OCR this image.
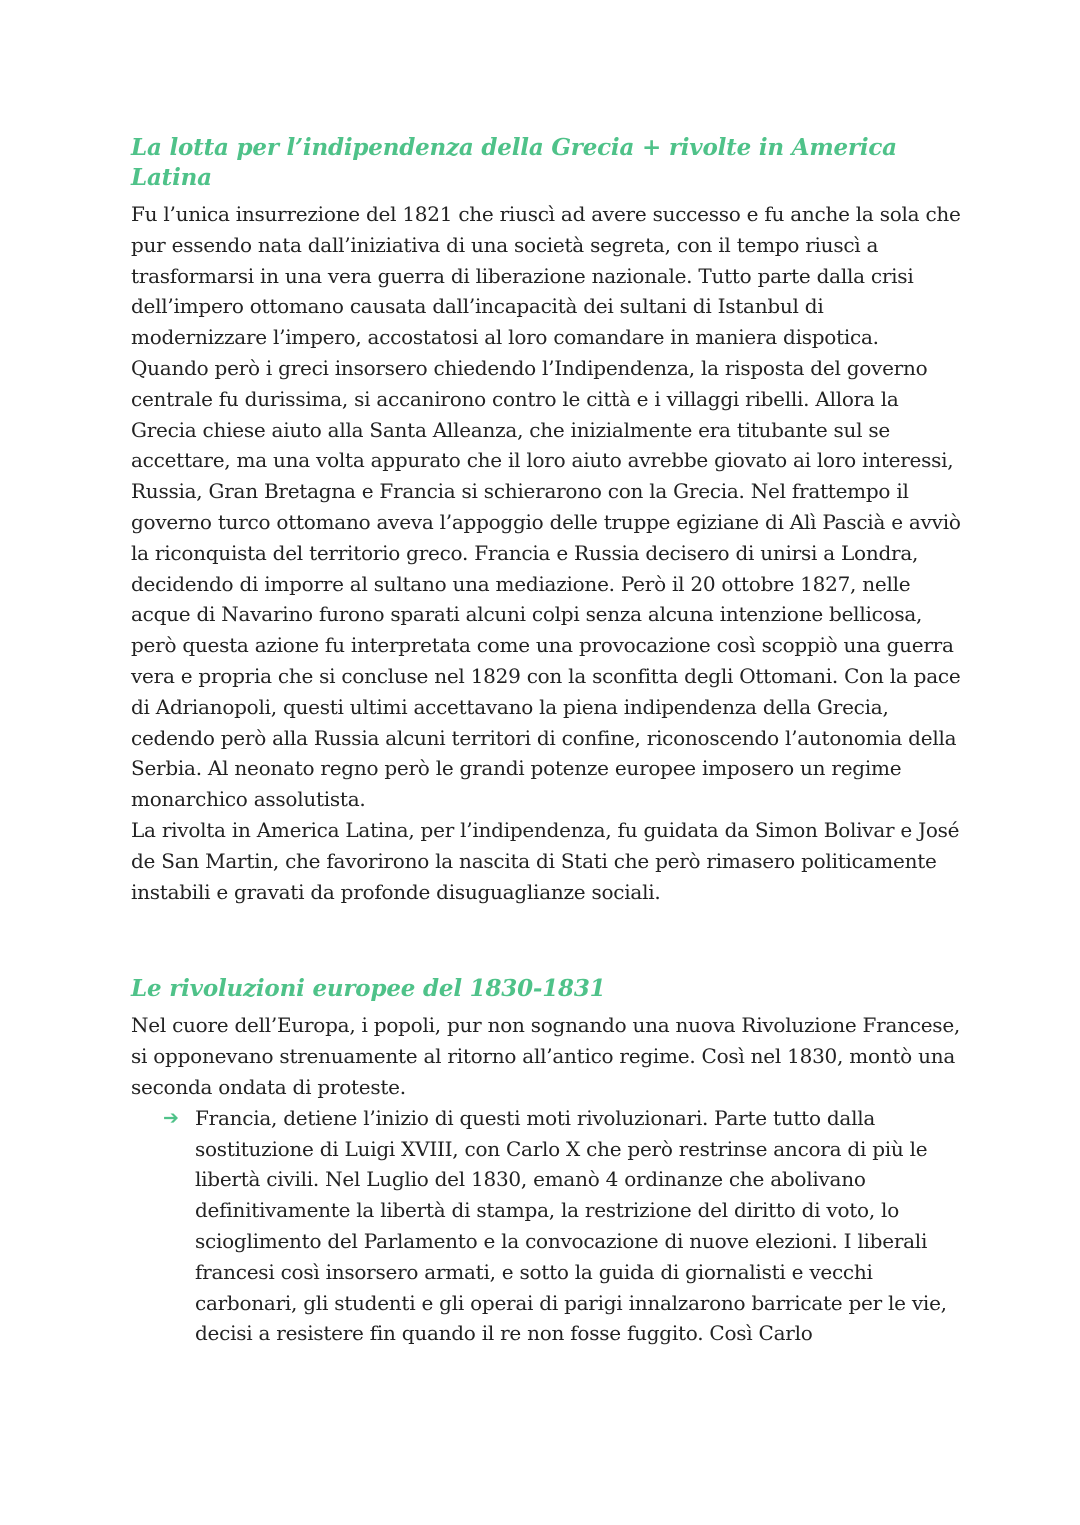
La lotta per l’indipendenza della Grecia + rivolte in America Latina

Fu l’unica insurrezione del 1821 che riuscì ad avere successo e fu anche la sola che pur essendo nata dall’iniziativa di una società segreta, con il tempo riuscì a trasformarsi in una vera guerra di liberazione nazionale. Tutto parte dalla crisi dell’impero ottomano causata dall’incapacità dei sultani di Istanbul di modernizzare l’impero, accostatosi al loro comandare in maniera dispotica. Quando però i greci insorsero chiedendo l’Indipendenza, la risposta del governo centrale fu durissima, si accanirono contro le città e i villaggi ribelli. Allora la Grecia chiese aiuto alla Santa Alleanza, che inizialmente era titubante sul se accettare, ma una volta appurato che il loro aiuto avrebbe giovato ai loro interessi, Russia, Gran Bretagna e Francia si schierarono con la Grecia. Nel frattempo il governo turco ottomano aveva l’appoggio delle truppe egiziane di Alì Pascià e avviò la riconquista del territorio greco. Francia e Russia decisero di unirsi a Londra, decidendo di imporre al sultano una mediazione. Però il 20 ottobre 1827, nelle acque di Navarino furono sparati alcuni colpi senza alcuna intenzione bellicosa, però questa azione fu interpretata come una provocazione così scoppiò una guerra vera e propria che si concluse nel 1829 con la sconfitta degli Ottomani. Con la pace di Adrianopoli, questi ultimi accettavano la piena indipendenza della Grecia, cedendo però alla Russia alcuni territori di confine, riconoscendo l’autonomia della Serbia. Al neonato regno però le grandi potenze europee imposero un regime monarchico assolutista.

La rivolta in America Latina, per l’indipendenza, fu guidata da Simon Bolivar e José de San Martin, che favorirono la nascita di Stati che però rimasero politicamente instabili e gravati da profonde disuguaglianze sociali.

Le rivoluzioni europee del 1830-1831

Nel cuore dell’Europa, i popoli, pur non sognando una nuova Rivoluzione Francese, si opponevano strenuamente al ritorno all’antico regime. Così nel 1830, montò una seconda ondata di proteste.

➔ Francia, detiene l’inizio di questi moti rivoluzionari. Parte tutto dalla sostituzione di Luigi XVIII, con Carlo X che però restrinse ancora di più le libertà civili. Nel Luglio del 1830, emanò 4 ordinanze che abolivano definitivamente la libertà di stampa, la restrizione del diritto di voto, lo scioglimento del Parlamento e la convocazione di nuove elezioni. I liberali francesi così insorsero armati, e sotto la guida di giornalisti e vecchi carbonari, gli studenti e gli operai di parigi innalzarono barricate per le vie, decisi a resistere fin quando il re non fosse fuggito. Così Carlo
